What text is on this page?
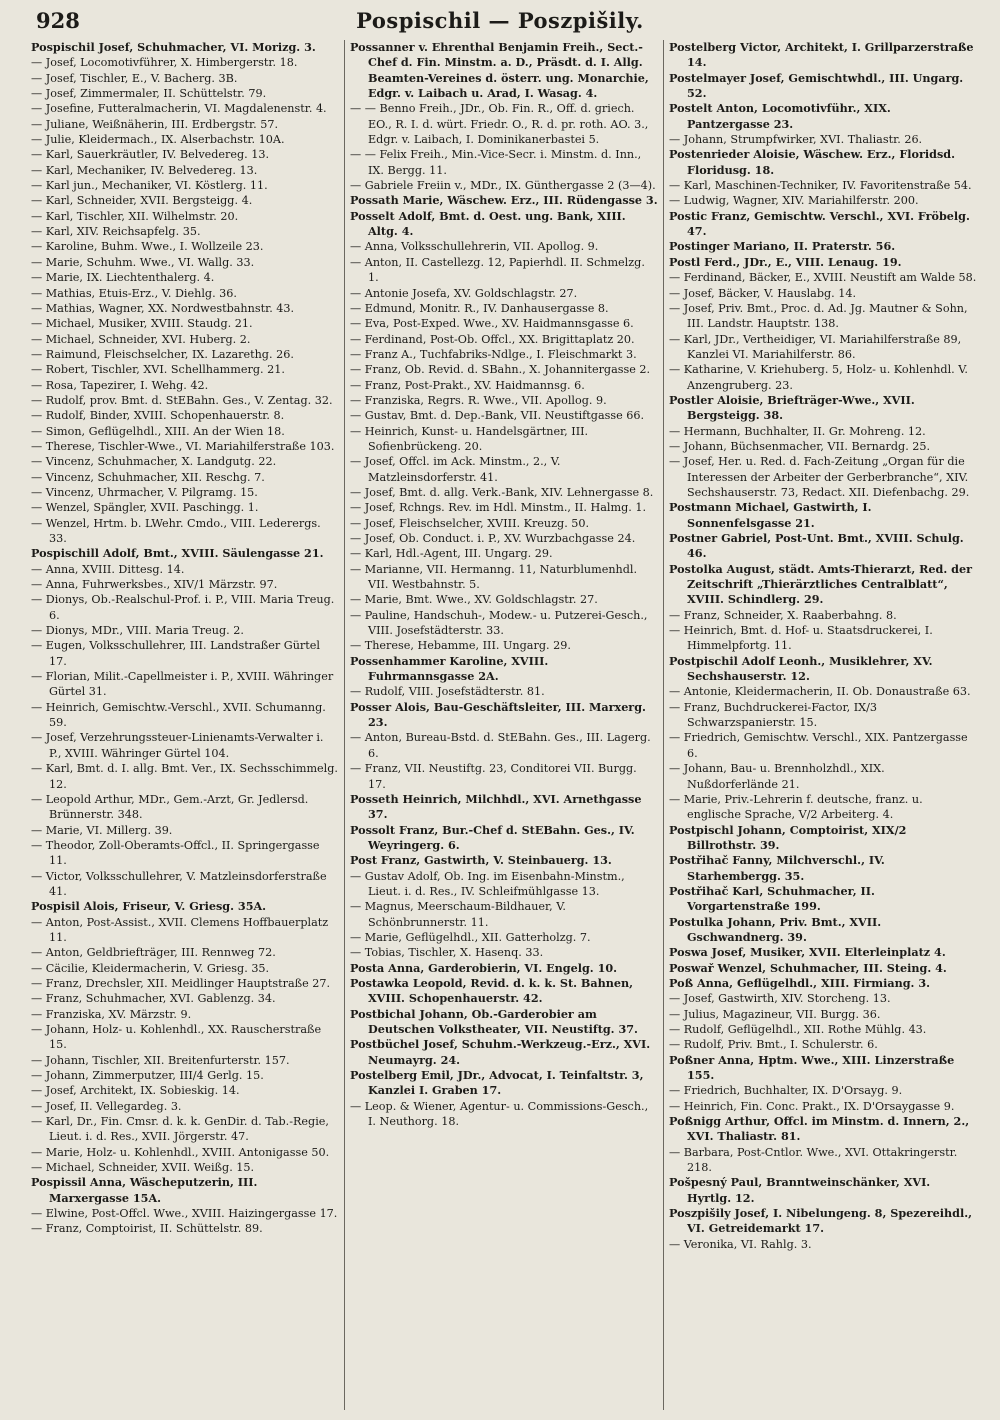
928	Pospischil — Poszpišily.
Pospischil Josef, Schuhmacher, VI. Morizg. 3.
— Josef, Locomotivführer, X. Himbergerstr. 18.
— Josef, Tischler, E., V. Bacherg. 3B.
— Josef, Zimmermaler, II. Schüttelstr. 79.
— Josefine, Futteralmacherin, VI. Magdalenenstr. 4.
— Juliane, Weißnäherin, III. Erdbergstr. 57.
— Julie, Kleidermach., IX. Alserbachstr. 10A.
— Karl, Sauerkräutler, IV. Belvedereg. 13.
— Karl, Mechaniker, IV. Belvedereg. 13.
— Karl jun., Mechaniker, VI. Köstlerg. 11.
— Karl, Schneider, XVII. Bergsteigg. 4.
— Karl, Tischler, XII. Wilhelmstr. 20.
— Karl, XIV. Reichsapfelg. 35.
— Karoline, Buhm. Wwe., I. Wollzeile 23.
— Marie, Schuhm. Wwe., VI. Wallg. 33.
— Marie, IX. Liechtenthalerg. 4.
— Mathias, Etuis-Erz., V. Diehlg. 36.
— Mathias, Wagner, XX. Nordwestbahnstr. 43.
— Michael, Musiker, XVIII. Staudg. 21.
— Michael, Schneider, XVI. Huberg. 2.
— Raimund, Fleischselcher, IX. Lazarethg. 26.
— Robert, Tischler, XVI. Schellhammerg. 21.
— Rosa, Tapezirer, I. Wehg. 42.
— Rudolf, prov. Bmt. d. StEBahn. Ges., V. Zentag. 32.
— Rudolf, Binder, XVIII. Schopenhauerstr. 8.
— Simon, Geflügelhdl., XIII. An der Wien 18.
— Therese, Tischler-Wwe., VI. Mariahilferstraße 103.
— Vincenz, Schuhmacher, X. Landgutg. 22.
— Vincenz, Schuhmacher, XII. Reschg. 7.
— Vincenz, Uhrmacher, V. Pilgramg. 15.
— Wenzel, Spängler, XVII. Paschingg. 1.
— Wenzel, Hrtm. b. LWehr. Cmdo., VIII. Lederergs. 33.
Pospischill Adolf, Bmt., XVIII. Säulengasse 21.
— Anna, XVIII. Dittesg. 14.
— Anna, Fuhrwerksbes., XIV/1 Märzstr. 97.
— Dionys, Ob.-Realschul-Prof. i. P., VIII. Maria Treug. 6.
— Dionys, MDr., VIII. Maria Treug. 2.
— Eugen, Volksschullehrer, III. Landstraßer Gürtel 17.
— Florian, Milit.-Capellmeister i. P., XVIII. Währinger Gürtel 31.
— Heinrich, Gemischtw.-Verschl., XVII. Schumanng. 59.
— Josef, Verzehrungssteuer-Linienamts-Verwalter i. P., XVIII. Währinger Gürtel 104.
— Karl, Bmt. d. I. allg. Bmt. Ver., IX. Sechsschimmelg. 12.
— Leopold Arthur, MDr., Gem.-Arzt, Gr. Jedlersd. Brünnerstr. 348.
— Marie, VI. Millerg. 39.
— Theodor, Zoll-Oberamts-Offcl., II. Springergasse 11.
— Victor, Volksschullehrer, V. Matzleinsdorferstraße 41.
Pospisil Alois, Friseur, V. Griesg. 35A.
— Anton, Post-Assist., XVII. Clemens Hoffbauerplatz 11.
— Anton, Geldbriefträger, III. Rennweg 72.
— Cäcilie, Kleidermacherin, V. Griesg. 35.
— Franz, Drechsler, XII. Meidlinger Hauptstraße 27.
— Franz, Schuhmacher, XVI. Gablenzg. 34.
— Franziska, XV. Märzstr. 9.
— Johann, Holz- u. Kohlenhdl., XX. Rauscherstraße 15.
— Johann, Tischler, XII. Breitenfurterstr. 157.
— Johann, Zimmerputzer, III/4 Gerlg. 15.
— Josef, Architekt, IX. Sobieskig. 14.
— Josef, II. Vellegardeg. 3.
— Karl, Dr., Fin. Cmsr. d. k. k. GenDir. d. Tab.-Regie, Lieut. i. d. Res., XVII. Jörgerstr. 47.
— Marie, Holz- u. Kohlenhdl., XVIII. Antonigasse 50.
— Michael, Schneider, XVII. Weißg. 15.
Pospissil Anna, Wäscheputzerin, III. Marxergasse 15A.
— Elwine, Post-Offcl. Wwe., XVIII. Haizingergasse 17.
— Franz, Comptoirist, II. Schüttelstr. 89.
Possanner v. Ehrenthal Benjamin Freih., Sect.-Chef d. Fin. Minstm. a. D., Präsdt. d. I. Allg. Beamten-Vereines d. österr. ung. Monarchie, Edgr. v. Laibach u. Arad, I. Wasag. 4.
— — Benno Freih., JDr., Ob. Fin. R., Off. d. griech. EO., R. I. d. würt. Friedr. O., R. d. pr. roth. AO. 3., Edgr. v. Laibach, I. Dominikanerbastei 5.
— — Felix Freih., Min.-Vice-Secr. i. Minstm. d. Inn., IX. Bergg. 11.
— Gabriele Freiin v., MDr., IX. Günthergasse 2 (3—4).
Possath Marie, Wäschew. Erz., III. Rüdengasse 3.
Posselt Adolf, Bmt. d. Oest. ung. Bank, XIII. Altg. 4.
— Anna, Volksschullehrerin, VII. Apollog. 9.
— Anton, II. Castellezg. 12, Papierhdl. II. Schmelzg. 1.
— Antonie Josefa, XV. Goldschlagstr. 27.
— Edmund, Monitr. R., IV. Danhausergasse 8.
— Eva, Post-Exped. Wwe., XV. Haidmannsgasse 6.
— Ferdinand, Post-Ob. Offcl., XX. Brigittaplatz 20.
— Franz A., Tuchfabriks-Ndlge., I. Fleischmarkt 3.
— Franz, Ob. Revid. d. SBahn., X. Johannitergasse 2.
— Franz, Post-Prakt., XV. Haidmannsg. 6.
— Franziska, Regrs. R. Wwe., VII. Apollog. 9.
— Gustav, Bmt. d. Dep.-Bank, VII. Neustiftgasse 66.
— Heinrich, Kunst- u. Handelsgärtner, III. Sofienbrückeng. 20.
— Josef, Offcl. im Ack. Minstm., 2., V. Matzleinsdorferstr. 41.
— Josef, Bmt. d. allg. Verk.-Bank, XIV. Lehnergasse 8.
— Josef, Rchngs. Rev. im Hdl. Minstm., II. Halmg. 1.
— Josef, Fleischselcher, XVIII. Kreuzg. 50.
— Josef, Ob. Conduct. i. P., XV. Wurzbachgasse 24.
— Karl, Hdl.-Agent, III. Ungarg. 29.
— Marianne, VII. Hermanng. 11, Naturblumenhdl. VII. Westbahnstr. 5.
— Marie, Bmt. Wwe., XV. Goldschlagstr. 27.
— Pauline, Handschuh-, Modew.- u. Putzerei-Gesch., VIII. Josefstädterstr. 33.
— Therese, Hebamme, III. Ungarg. 29.
Possenhammer Karoline, XVIII. Fuhrmannsgasse 2A.
— Rudolf, VIII. Josefstädterstr. 81.
Posser Alois, Bau-Geschäftsleiter, III. Marxerg. 23.
— Anton, Bureau-Bstd. d. StEBahn. Ges., III. Lagerg. 6.
— Franz, VII. Neustiftg. 23, Conditorei VII. Burgg. 17.
Posseth Heinrich, Milchhdl., XVI. Arnethgasse 37.
Possolt Franz, Bur.-Chef d. StEBahn. Ges., IV. Weyringerg. 6.
Post Franz, Gastwirth, V. Steinbauerg. 13.
— Gustav Adolf, Ob. Ing. im Eisenbahn-Minstm., Lieut. i. d. Res., IV. Schleifmühlgasse 13.
— Magnus, Meerschaum-Bildhauer, V. Schönbrunnerstr. 11.
— Marie, Geflügelhdl., XII. Gatterholzg. 7.
— Tobias, Tischler, X. Hasenq. 33.
Posta Anna, Garderobierin, VI. Engelg. 10.
Postawka Leopold, Revid. d. k. k. St. Bahnen, XVIII. Schopenhauerstr. 42.
Postbichal Johann, Ob.-Garderobier am Deutschen Volkstheater, VII. Neustiftg. 37.
Postbüchel Josef, Schuhm.-Werkzeug.-Erz., XVI. Neumayrg. 24.
Postelberg Emil, JDr., Advocat, I. Teinfaltstr. 3, Kanzlei I. Graben 17.
— Leop. & Wiener, Agentur- u. Commissions-Gesch., I. Neuthorg. 18.
Postelberg Victor, Architekt, I. Grillparzerstraße 14.
Postelmayer Josef, Gemischtwhdl., III. Ungarg. 52.
Postelt Anton, Locomotivführ., XIX. Pantzergasse 23.
— Johann, Strumpfwirker, XVI. Thaliastr. 26.
Postenrieder Aloisie, Wäschew. Erz., Floridsd. Floridusg. 18.
— Karl, Maschinen-Techniker, IV. Favoritenstraße 54.
— Ludwig, Wagner, XIV. Mariahilferstr. 200.
Postic Franz, Gemischtw. Verschl., XVI. Fröbelg. 47.
Postinger Mariano, II. Praterstr. 56.
Postl Ferd., JDr., E., VIII. Lenaug. 19.
— Ferdinand, Bäcker, E., XVIII. Neustift am Walde 58.
— Josef, Bäcker, V. Hauslabg. 14.
— Josef, Priv. Bmt., Proc. d. Ad. Jg. Mautner & Sohn, III. Landstr. Hauptstr. 138.
— Karl, JDr., Vertheidiger, VI. Mariahilferstraße 89, Kanzlei VI. Mariahilferstr. 86.
— Katharine, V. Kriehuberg. 5, Holz- u. Kohlenhdl. V. Anzengruberg. 23.
Postler Aloisie, Briefträger-Wwe., XVII. Bergsteigg. 38.
— Hermann, Buchhalter, II. Gr. Mohreng. 12.
— Johann, Büchsenmacher, VII. Bernardg. 25.
— Josef, Her. u. Red. d. Fach-Zeitung „Organ für die Interessen der Arbeiter der Gerberbranche“, XIV. Sechshauserstr. 73, Redact. XII. Diefenbachg. 29.
Postmann Michael, Gastwirth, I. Sonnenfelsgasse 21.
Postner Gabriel, Post-Unt. Bmt., XVIII. Schulg. 46.
Postolka August, städt. Amts-Thierarzt, Red. der Zeitschrift „Thierärztliches Centralblatt“, XVIII. Schindlerg. 29.
— Franz, Schneider, X. Raaberbahng. 8.
— Heinrich, Bmt. d. Hof- u. Staatsdruckerei, I. Himmelpfortg. 11.
Postpischil Adolf Leonh., Musiklehrer, XV. Sechshauserstr. 12.
— Antonie, Kleidermacherin, II. Ob. Donaustraße 63.
— Franz, Buchdruckerei-Factor, IX/3 Schwarzspanierstr. 15.
— Friedrich, Gemischtw. Verschl., XIX. Pantzergasse 6.
— Johann, Bau- u. Brennholzhdl., XIX. Nußdorferlände 21.
— Marie, Priv.-Lehrerin f. deutsche, franz. u. englische Sprache, V/2 Arbeiterg. 4.
Postpischl Johann, Comptoirist, XIX/2 Billrothstr. 39.
Postřihač Fanny, Milchverschl., IV. Starhembergg. 35.
Postřihač Karl, Schuhmacher, II. Vorgartenstraße 199.
Postulka Johann, Priv. Bmt., XVII. Gschwandnerg. 39.
Poswa Josef, Musiker, XVII. Elterleinplatz 4.
Poswař Wenzel, Schuhmacher, III. Steing. 4.
Poß Anna, Geflügelhdl., XIII. Firmiang. 3.
— Josef, Gastwirth, XIV. Storcheng. 13.
— Julius, Magazineur, VII. Burgg. 36.
— Rudolf, Geflügelhdl., XII. Rothe Mühlg. 43.
— Rudolf, Priv. Bmt., I. Schulerstr. 6.
Poßner Anna, Hptm. Wwe., XIII. Linzerstraße 155.
— Friedrich, Buchhalter, IX. D'Orsayg. 9.
— Heinrich, Fin. Conc. Prakt., IX. D'Orsaygasse 9.
Poßnigg Arthur, Offcl. im Minstm. d. Innern, 2., XVI. Thaliastr. 81.
— Barbara, Post-Cntlor. Wwe., XVI. Ottakringerstr. 218.
Pošpesný Paul, Branntweinschänker, XVI. Hyrtlg. 12.
Poszpišily Josef, I. Nibelungeng. 8, Spezereihdl., VI. Getreidemarkt 17.
— Veronika, VI. Rahlg. 3.
